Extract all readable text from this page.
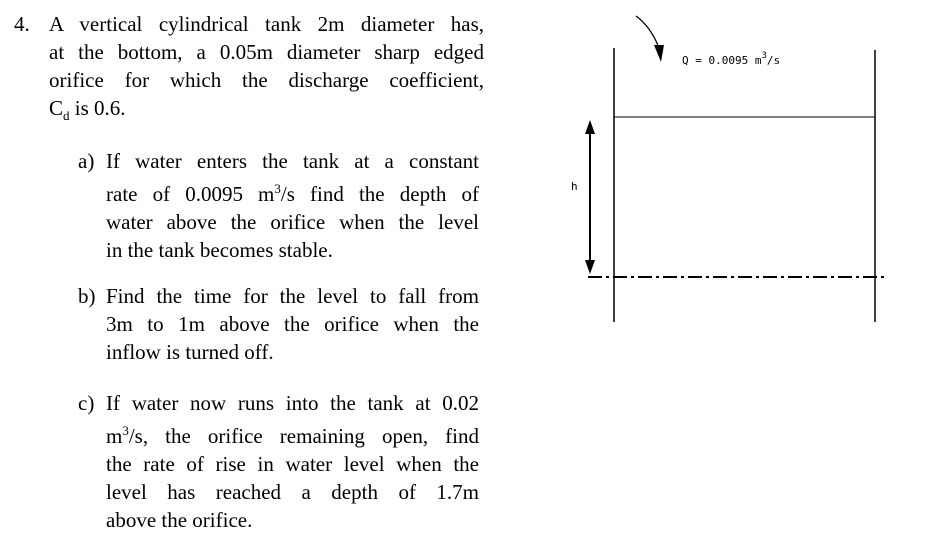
4. A vertical cylindrical tank 2m diameter has,
at the bottom, a 0.05m diameter sharp edged
orifice for which the discharge coefficient,
$C_d$ is 0.6.
a) If water enters the tank at a constant
rate of 0.0095 $m^3/s$ find the depth of
water above the orifice when the level
in the tank becomes stable.
b) Find the time for the level to fall from
3m to 1m above the orifice when the
inflow is turned off.
c) If water now runs into the tank at 0.02
$m^3/s$, the orifice remaining open, find
the rate of rise in water level when the
level has reached a depth of 1.7m
above the orifice.
h
Q = 0.0095 $m^3/s$
